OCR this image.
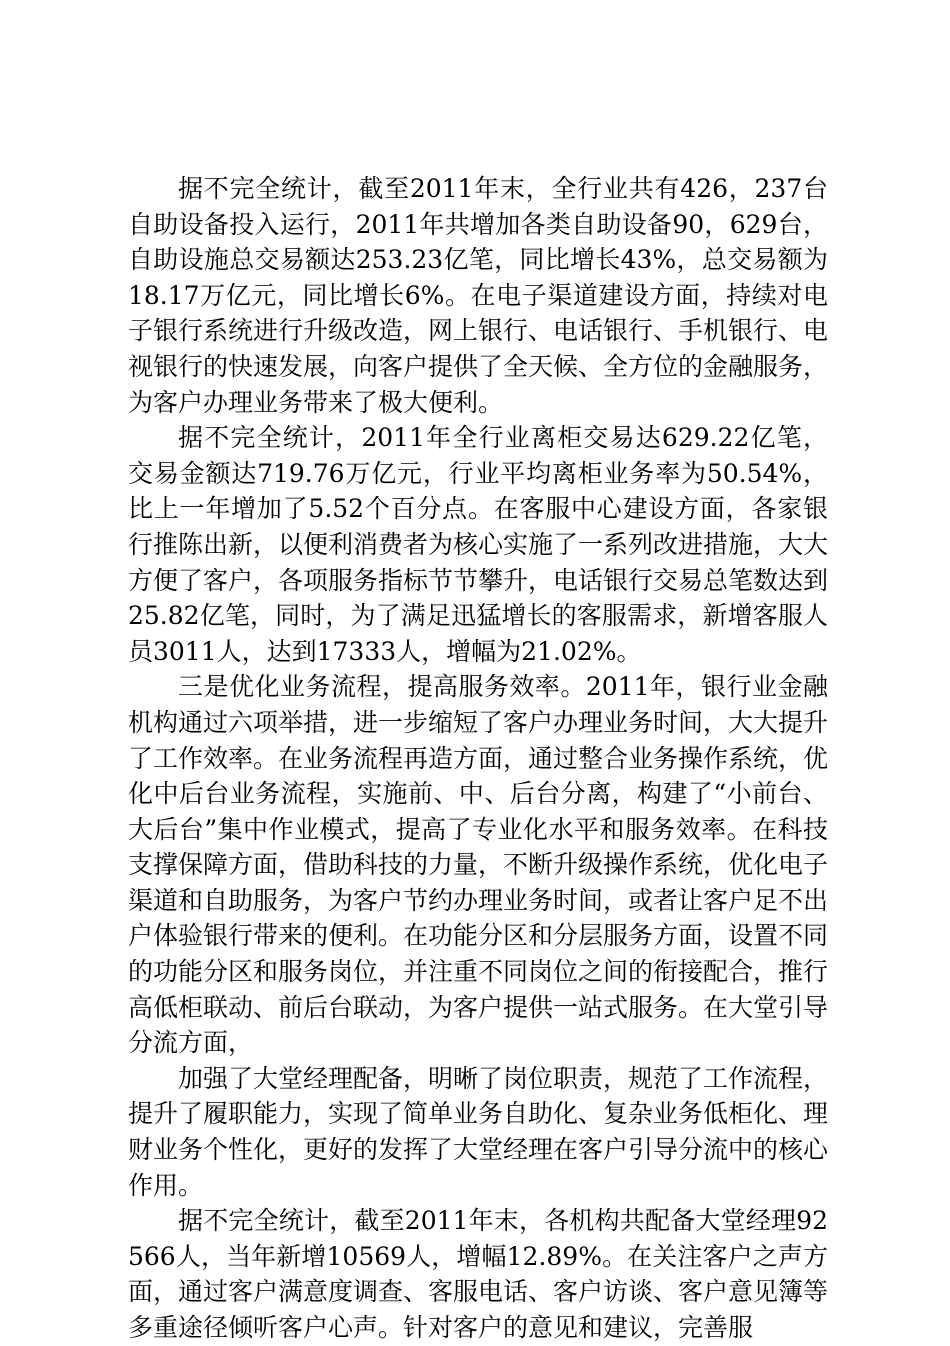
据不完全统计，截至2011年末，全行业共有426，237台自助设备投入运行，2011年共增加各类自助设备90，629台，自助设施总交易额达253.23亿笔，同比增长43%，总交易额为18.17万亿元，同比增长6%。在电子渠道建设方面，持续对电子银行系统进行升级改造，网上银行、电话银行、手机银行、电视银行的快速发展，向客户提供了全天候、全方位的金融服务，为客户办理业务带来了极大便利。

据不完全统计，2011年全行业离柜交易达629.22亿笔，交易金额达719.76万亿元，行业平均离柜业务率为50.54%，比上一年增加了5.52个百分点。在客服中心建设方面，各家银行推陈出新，以便利消费者为核心实施了一系列改进措施，大大方便了客户，各项服务指标节节攀升，电话银行交易总笔数达到25.82亿笔，同时，为了满足迅猛增长的客服需求，新增客服人员3011人，达到17333人，增幅为21.02%。

三是优化业务流程，提高服务效率。2011年，银行业金融机构通过六项举措，进一步缩短了客户办理业务时间，大大提升了工作效率。在业务流程再造方面，通过整合业务操作系统，优化中后台业务流程，实施前、中、后台分离，构建了“小前台、大后台”集中作业模式，提高了专业化水平和服务效率。在科技支撑保障方面，借助科技的力量，不断升级操作系统，优化电子渠道和自助服务，为客户节约办理业务时间，或者让客户足不出户体验银行带来的便利。在功能分区和分层服务方面，设置不同的功能分区和服务岗位，并注重不同岗位之间的衔接配合，推行高低柜联动、前后台联动，为客户提供一站式服务。在大堂引导分流方面，

加强了大堂经理配备，明晰了岗位职责，规范了工作流程，提升了履职能力，实现了简单业务自助化、复杂业务低柜化、理财业务个性化，更好的发挥了大堂经理在客户引导分流中的核心作用。

据不完全统计，截至2011年末，各机构共配备大堂经理92566人，当年新增10569人，增幅12.89%。在关注客户之声方面，通过客户满意度调查、客服电话、客户访谈、客户意见簿等多重途径倾听客户心声。针对客户的意见和建议，完善服
